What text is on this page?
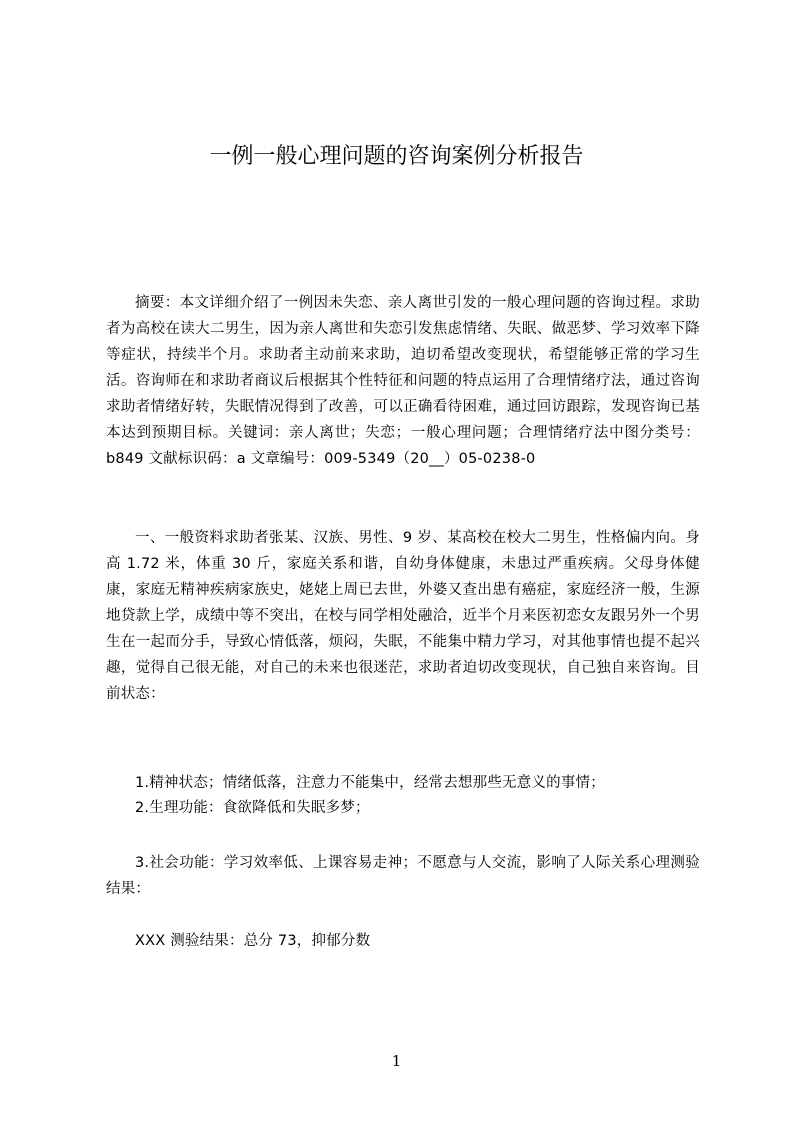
一例一般心理问题的咨询案例分析报告

摘要：本文详细介绍了一例因未失恋、亲人离世引发的一般心理问题的咨询过程。求助者为高校在读大二男生，因为亲人离世和失恋引发焦虑情绪、失眠、做恶梦、学习效率下降等症状，持续半个月。求助者主动前来求助，迫切希望改变现状，希望能够正常的学习生活。咨询师在和求助者商议后根据其个性特征和问题的特点运用了合理情绪疗法，通过咨询求助者情绪好转，失眠情况得到了改善，可以正确看待困难，通过回访跟踪，发现咨询已基本达到预期目标。关键词：亲人离世；失恋；一般心理问题；合理情绪疗法中图分类号：b849 文献标识码：a 文章编号：009-5349（20__）05-0238-0

一、一般资料求助者张某、汉族、男性、9 岁、某高校在校大二男生，性格偏内向。身高 1.72 米，体重 30 斤，家庭关系和谐，自幼身体健康，未患过严重疾病。父母身体健康，家庭无精神疾病家族史，姥姥上周已去世，外婆又查出患有癌症，家庭经济一般，生源地贷款上学，成绩中等不突出，在校与同学相处融洽，近半个月来医初恋女友跟另外一个男生在一起而分手，导致心情低落，烦闷，失眠，不能集中精力学习，对其他事情也提不起兴趣，觉得自己很无能，对自己的未来也很迷茫，求助者迫切改变现状，自己独自来咨询。目前状态：

1.精神状态；情绪低落，注意力不能集中，经常去想那些无意义的事情；

2.生理功能：食欲降低和失眠多梦；

3.社会功能：学习效率低、上课容易走神；不愿意与人交流，影响了人际关系心理测验结果：

XXX 测验结果：总分 73，抑郁分数

1
